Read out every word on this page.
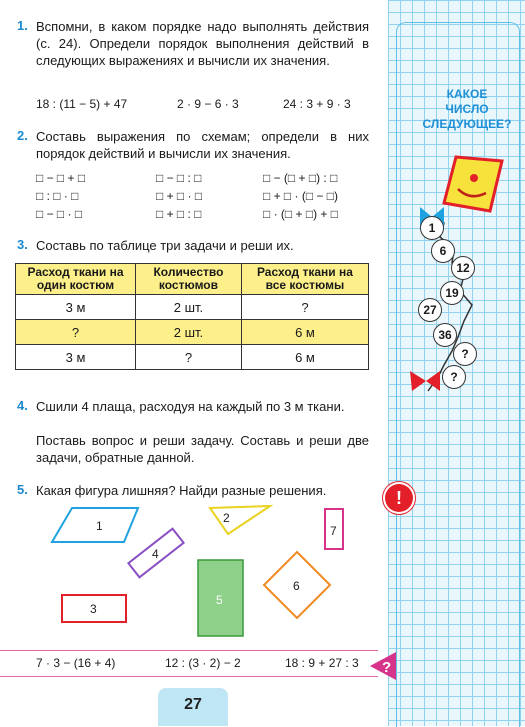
1. Вспомни, в каком порядке надо выполнять действия (с. 24). Определи порядок выполнения действий в следующих выражениях и вычисли их значения.
18 : (11 − 5) + 47	2 · 9 − 6 · 3	24 : 3 + 9 · 3
2. Составь выражения по схемам; определи в них порядок действий и вычисли их значения.
□ − □ + □	□ − □ : □	□ − (□ + □) : □
□ : □ · □	□ + □ · □	□ + □ · (□ − □)
□ − □ · □	□ + □ : □	□ · (□ + □) + □
3. Составь по таблице три задачи и реши их.
Расход ткани на один костюм	Количество костюмов	Расход ткани на все костюмы
3 м	2 шт.	?
?	2 шт.	6 м
3 м	?	6 м
4. Сшили 4 плаща, расходуя на каждый по 3 м ткани.
Поставь вопрос и реши задачу. Составь и реши две задачи, обратные данной.
5. Какая фигура лишняя? Найди разные решения.
1
2
3
4
5
6
7
7 · 3 − (16 + 4)	12 : (3 · 2) − 2	18 : 9 + 27 : 3 ?
27
КАКОЕ
ЧИСЛО
СЛЕДУЮЩЕЕ?
1
6
12
19
27
36
?
?
!
